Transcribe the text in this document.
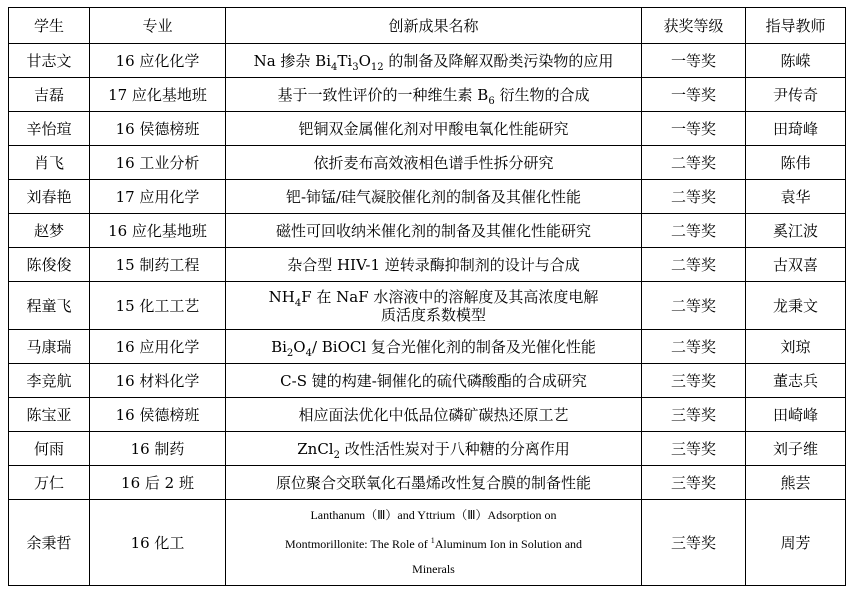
学生	专业	创新成果名称	获奖等级	指导教师
甘志文	16 应化化学	Na 掺杂 $Bi_4Ti_3O_{12}$ 的制备及降解双酚类污染物的应用	一等奖	陈嵘
吉磊	17 应化基地班	基于一致性评价的一种维生素 $B_6$ 衍生物的合成	一等奖	尹传奇
辛怡瑄	16 侯德榜班	钯铜双金属催化剂对甲酸电氧化性能研究	一等奖	田琦峰
肖飞	16 工业分析	依折麦布高效液相色谱手性拆分研究	二等奖	陈伟
刘春艳	17 应用化学	钯-铈锰/硅气凝胶催化剂的制备及其催化性能	二等奖	袁华
赵梦	16 应化基地班	磁性可回收纳米催化剂的制备及其催化性能研究	二等奖	奚江波
陈俊俊	15 制药工程	杂合型 HIV-1 逆转录酶抑制剂的设计与合成	二等奖	古双喜
程童飞	15 化工工艺	$NH_4F$ 在 NaF 水溶液中的溶解度及其高浓度电解
质活度系数模型	二等奖	龙秉文
马康瑞	16 应用化学	$Bi_2O_4/$ BiOCl 复合光催化剂的制备及光催化性能	二等奖	刘琼
李竞航	16 材料化学	C-S 键的构建-铜催化的硫代磷酸酯的合成研究	三等奖	董志兵
陈宝亚	16 侯德榜班	相应面法优化中低品位磷矿碳热还原工艺	三等奖	田崎峰
何雨	16 制药	ZnCl$_2$ 改性活性炭对于八种糖的分离作用	三等奖	刘子维
万仁	16 后 2 班	原位聚合交联氧化石墨烯改性复合膜的制备性能	三等奖	熊芸
余秉哲	16 化工	Lanthanum（Ⅲ）and Yttrium（Ⅲ）Adsorption on
Montmorillonite: The Role of $^1$Aluminum Ion in Solution and
Minerals	三等奖	周芳
